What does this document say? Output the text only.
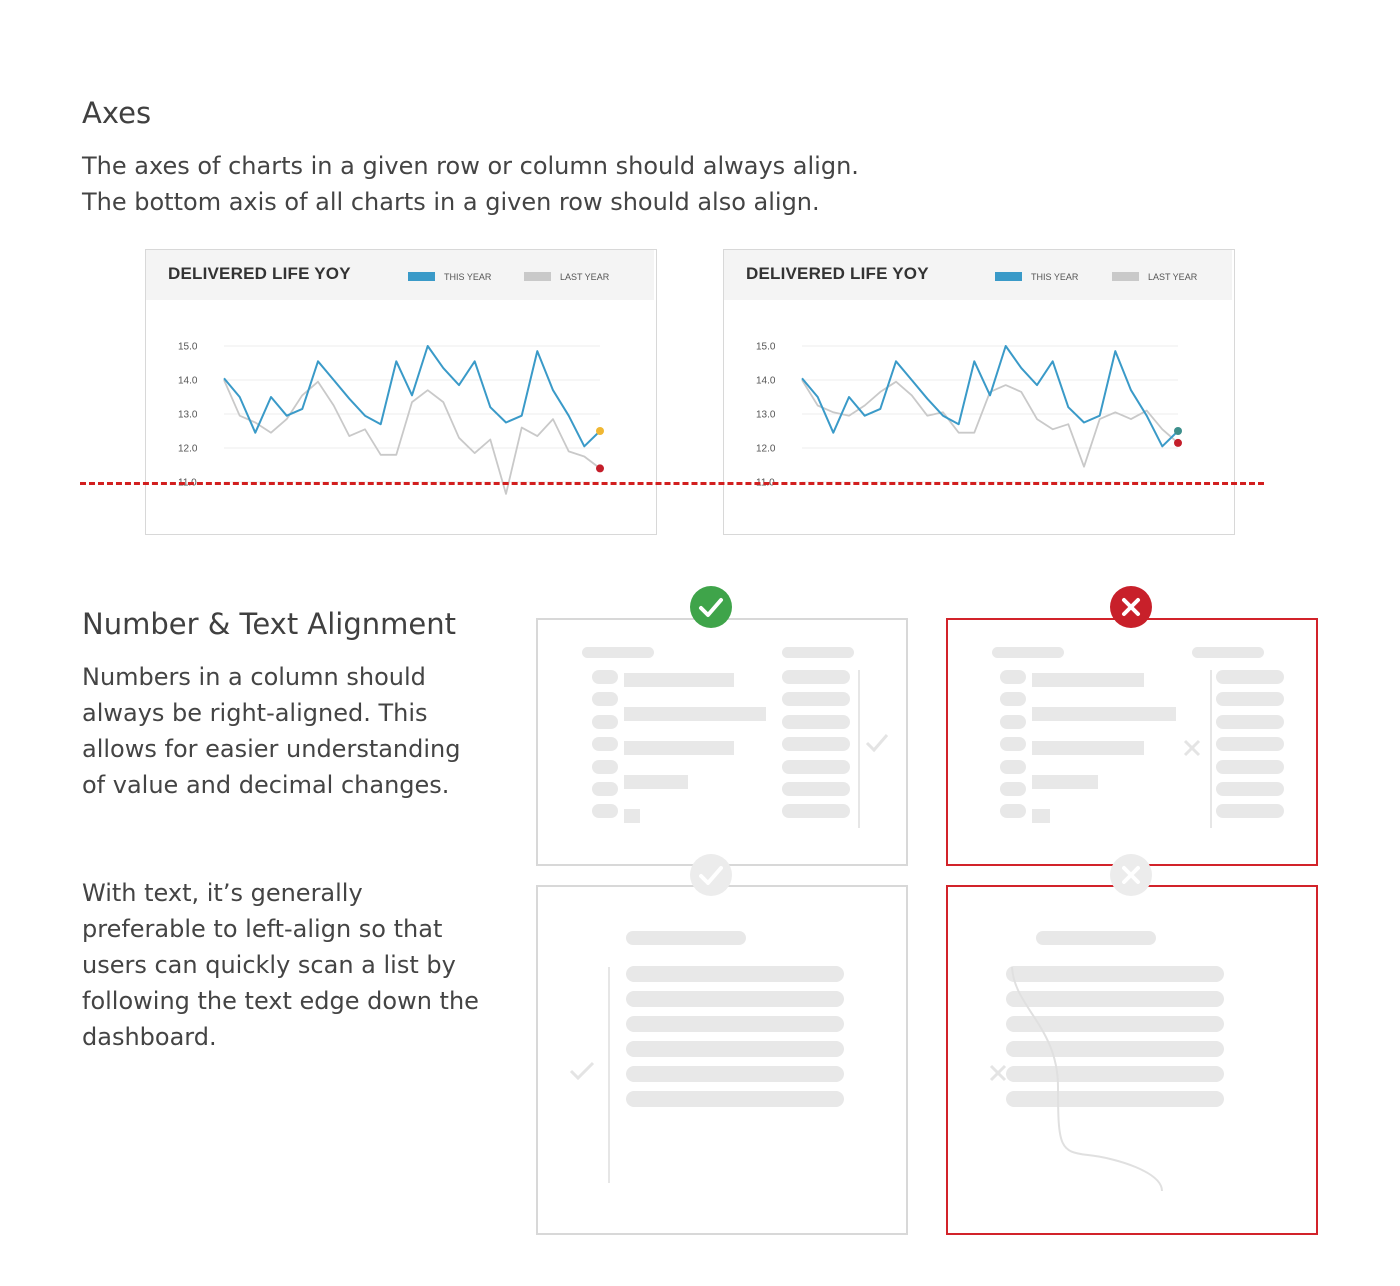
Axes
The axes of charts in a given row or column should always align.
The bottom axis of all charts in a given row should also align.
DELIVERED LIFE YOY	THIS YEAR	LAST YEAR
15.0
14.0
13.0
12.0
11.0
DELIVERED LIFE YOY	THIS YEAR	LAST YEAR
15.0
14.0
13.0
12.0
11.0
Number & Text Alignment
Numbers in a column should always be right-aligned. This allows for easier understanding of value and decimal changes.
With text, it’s generally preferable to left-align so that users can quickly scan a list by following the text edge down the dashboard.
